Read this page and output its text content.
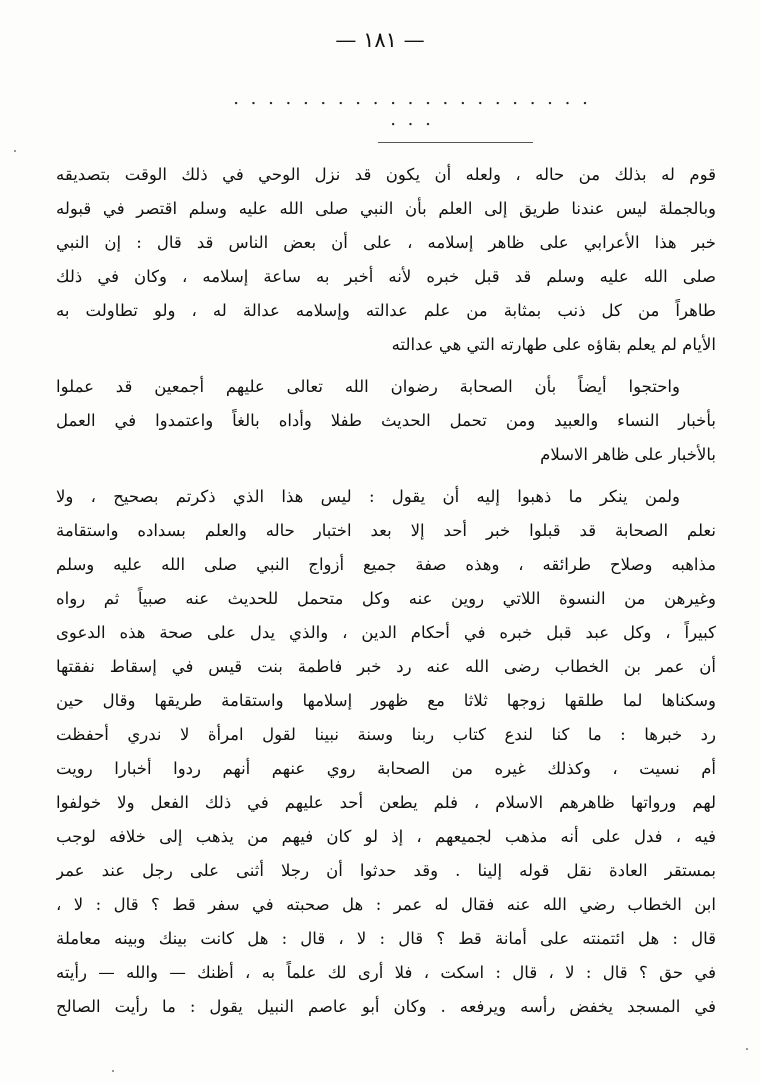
— ١٨١ —
. . . . . . . . . . . . . . . . . . . . . . . .
قوم له بذلك من حاله ، ولعله أن يكون قد نزل الوحي في ذلك الوقت بتصديقه
وبالجملة ليس عندنا طريق إلى العلم بأن النبي صلى الله عليه وسلم اقتصر في قبوله
خبر هذا الأعرابي على ظاهر إسلامه ، على أن بعض الناس قد قال : إن النبي
صلى الله عليه وسلم قد قبل خبره لأنه أخبر به ساعة إسلامه ، وكان في ذلك
طاهراً من كل ذنب بمثابة من علم عدالته وإسلامه عدالة له ، ولو تطاولت به
الأيام لم يعلم بقاؤه على طهارته التي هي عدالته
واحتجوا أيضاً بأن الصحابة رضوان الله تعالى عليهم أجمعين قد عملوا
بأخبار النساء والعبيد ومن تحمل الحديث طفلا وأداه بالغاً واعتمدوا في العمل
بالأخبار على ظاهر الاسلام
ولمن ينكر ما ذهبوا إليه أن يقول : ليس هذا الذي ذكرتم بصحيح ، ولا
نعلم الصحابة قد قبلوا خبر أحد إلا بعد اختبار حاله والعلم بسداده واستقامة
مذاهبه وصلاح طرائقه ، وهذه صفة جميع أزواج النبي صلى الله عليه وسلم
وغيرهن من النسوة اللاتي روين عنه وكل متحمل للحديث عنه صبياً ثم رواه
كبيراً ، وكل عبد قبل خبره في أحكام الدين ، والذي يدل على صحة هذه الدعوى
أن عمر بن الخطاب رضى الله عنه رد خبر فاطمة بنت قيس في إسقاط نفقتها
وسكناها لما طلقها زوجها ثلاثا مع ظهور إسلامها واستقامة طريقها وقال حين
رد خبرها : ما كنا لندع كتاب ربنا وسنة نبينا لقول امرأة لا ندري أحفظت
أم نسيت ، وكذلك غيره من الصحابة روي عنهم أنهم ردوا أخبارا رويت
لهم ورواتها ظاهرهم الاسلام ، فلم يطعن أحد عليهم في ذلك الفعل ولا خولفوا
فيه ، فدل على أنه مذهب لجميعهم ، إذ لو كان فيهم من يذهب إلى خلافه لوجب
بمستقر العادة نقل قوله إلينا . وقد حدثوا أن رجلا أثنى على رجل عند عمر
ابن الخطاب رضي الله عنه فقال له عمر : هل صحبته في سفر قط ؟ قال : لا ،
قال : هل ائتمنته على أمانة قط ؟ قال : لا ، قال : هل كانت بينك وبينه معاملة
في حق ؟ قال : لا ، قال : اسكت ، فلا أرى لك علماً به ، أظنك — والله — رأيته
في المسجد يخفض رأسه ويرفعه . وكان أبو عاصم النبيل يقول : ما رأيت الصالح
